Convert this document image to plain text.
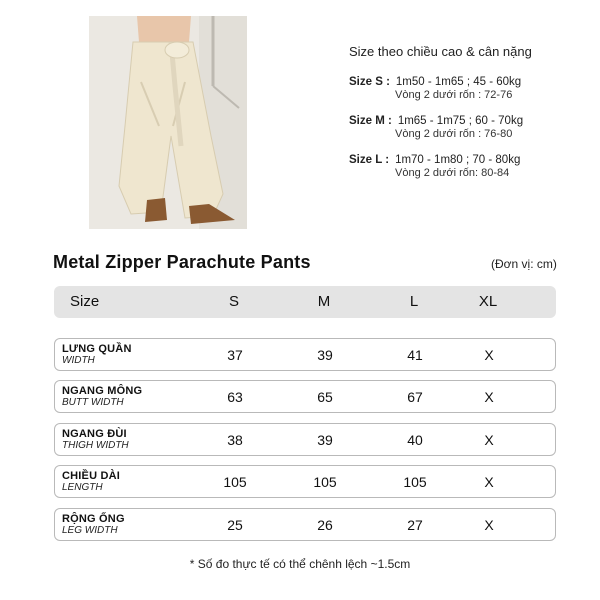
Size theo chiều cao & cân nặng
Size S : 1m50 - 1m65 ; 45 - 60kg
Vòng 2 dưới rốn : 72-76
Size M : 1m65 - 1m75 ; 60 - 70kg
Vòng 2 dưới rốn : 76-80
Size L : 1m70 - 1m80 ; 70 - 80kg
Vòng 2 dưới rốn: 80-84
Metal Zipper Parachute Pants	(Đơn vị: cm)
Size	S	M	L	XL
LƯNG QUẦN
WIDTH	37	39	41	X
NGANG MÔNG
BUTT WIDTH	63	65	67	X
NGANG ĐÙI
THIGH WIDTH	38	39	40	X
CHIỀU DÀI
LENGTH	105	105	105	X
RỘNG ỐNG
LEG WIDTH	25	26	27	X
* Số đo thực tế có thể chênh lệch ~1.5cm
